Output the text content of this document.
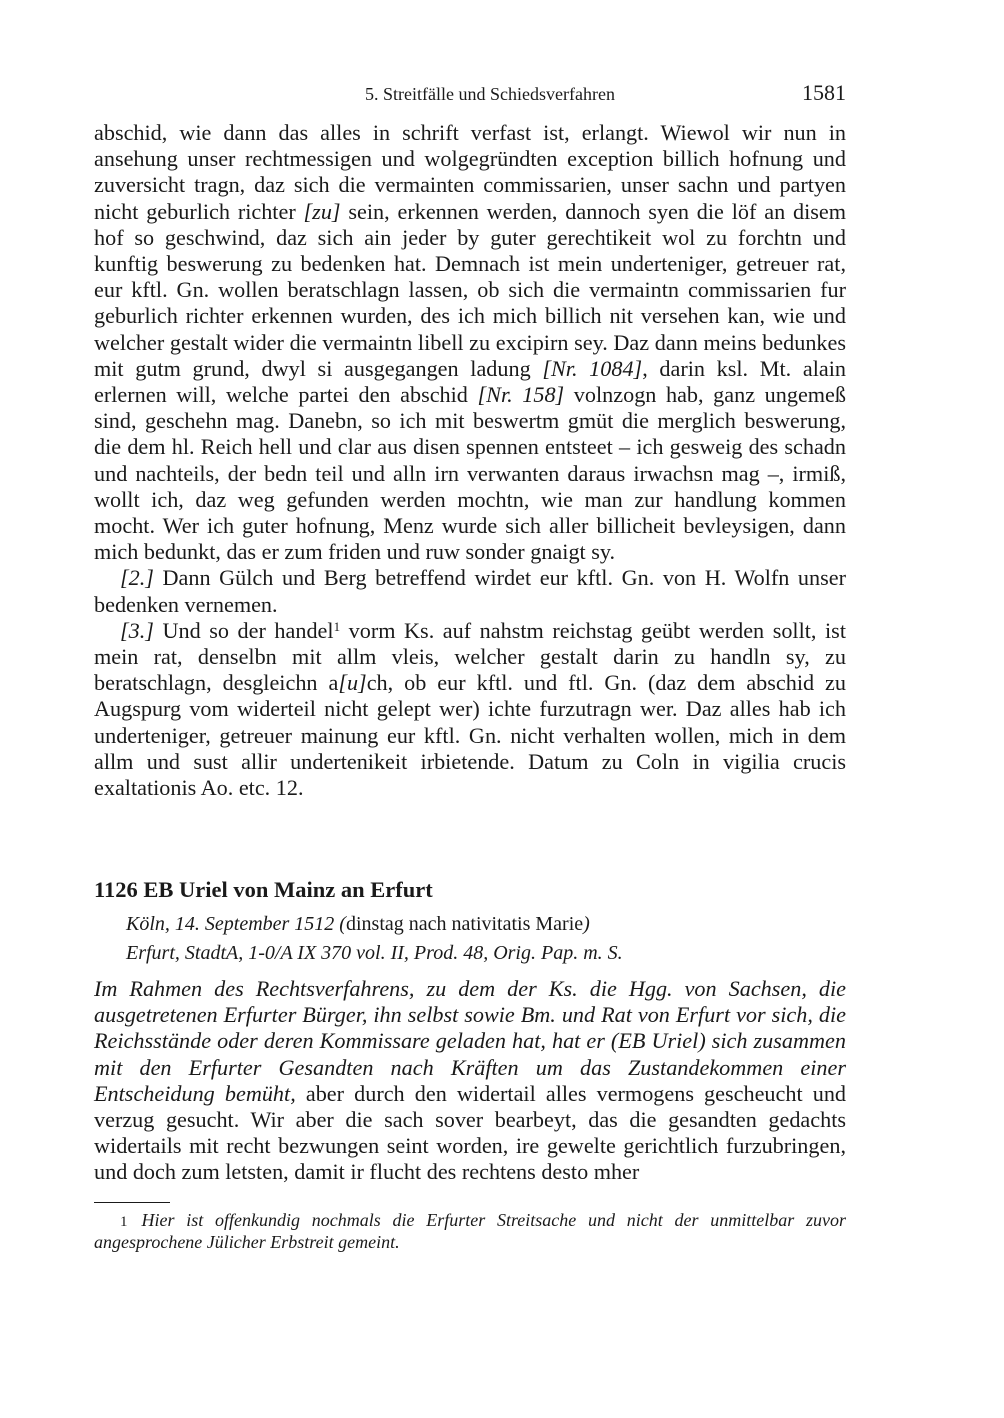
5. Streitfälle und Schiedsverfahren	1581

abschid, wie dann das alles in schrift verfast ist, erlangt. Wiewol wir nun in ansehung unser rechtmessigen und wolgegründten exception billich hofnung und zuversicht tragn, daz sich die vermainten commissarien, unser sachn und partyen nicht geburlich richter [zu] sein, erkennen werden, dannoch syen die löf an disem hof so geschwind, daz sich ain jeder by guter gerechtikeit wol zu forchtn und kunftig beswerung zu bedenken hat. Demnach ist mein underteniger, getreuer rat, eur kftl. Gn. wollen beratschlagn lassen, ob sich die vermaintn commissarien fur geburlich richter erkennen wurden, des ich mich billich nit versehen kan, wie und welcher gestalt wider die vermaintn libell zu excipirn sey. Daz dann meins bedunkes mit gutm grund, dwyl si ausgegangen ladung [Nr. 1084], darin ksl. Mt. alain erlernen will, welche partei den abschid [Nr. 158] volnzogn hab, ganz ungemeß sind, geschehn mag. Danebn, so ich mit beswertm gmüt die merglich beswerung, die dem hl. Reich hell und clar aus disen spennen entsteet – ich gesweig des schadn und nachteils, der bedn teil und alln irn verwanten daraus irwachsn mag –, irmiß, wollt ich, daz weg gefunden werden mochtn, wie man zur handlung kommen mocht. Wer ich guter hofnung, Menz wurde sich aller billicheit bevleysigen, dann mich bedunkt, das er zum friden und ruw sonder gnaigt sy.

[2.] Dann Gülch und Berg betreffend wirdet eur kftl. Gn. von H. Wolfn unser bedenken vernemen.

[3.] Und so der handel$^1$ vorm Ks. auf nahstm reichstag geübt werden sollt, ist mein rat, denselbn mit allm vleis, welcher gestalt darin zu handln sy, zu beratschlagn, desgleichn a[u]ch, ob eur kftl. und ftl. Gn. (daz dem abschid zu Augspurg vom widerteil nicht gelept wer) ichte furzutragn wer. Daz alles hab ich underteniger, getreuer mainung eur kftl. Gn. nicht verhalten wollen, mich in dem allm und sust allir undertenikeit irbietende. Datum zu Coln in vigilia crucis exaltationis Ao. etc. 12.

1126 EB Uriel von Mainz an Erfurt

Köln, 14. September 1512 (dinstag nach nativitatis Marie)

Erfurt, StadtA, 1-0/A IX 370 vol. II, Prod. 48, Orig. Pap. m. S.

Im Rahmen des Rechtsverfahrens, zu dem der Ks. die Hgg. von Sachsen, die ausgetretenen Erfurter Bürger, ihn selbst sowie Bm. und Rat von Erfurt vor sich, die Reichsstände oder deren Kommissare geladen hat, hat er (EB Uriel) sich zusammen mit den Erfurter Gesandten nach Kräften um das Zustandekommen einer Entscheidung bemüht, aber durch den widertail alles vermogens gescheucht und verzug gesucht. Wir aber die sach sover bearbeyt, das die gesandten gedachts widertails mit recht bezwungen seint worden, ire gewelte gerichtlich furzubringen, und doch zum letsten, damit ir flucht des rechtens desto mher

1 Hier ist offenkundig nochmals die Erfurter Streitsache und nicht der unmittelbar zuvor angesprochene Jülicher Erbstreit gemeint.
